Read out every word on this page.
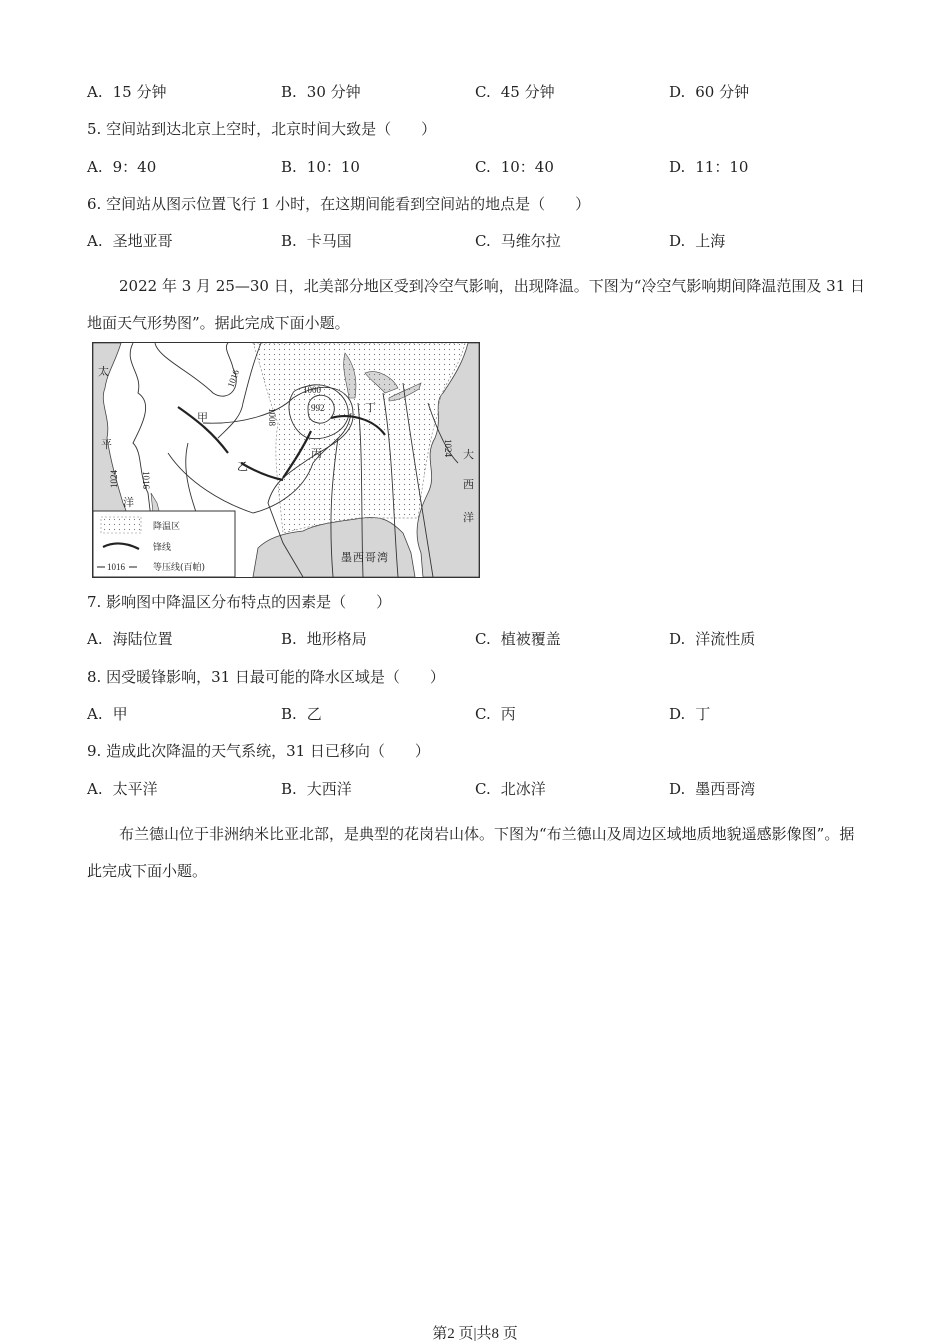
A. 15 分钟	B. 30 分钟	C. 45 分钟	D. 60 分钟
5. 空间站到达北京上空时，北京时间大致是（　　）
A. 9：40	B. 10：10	C. 10：40	D. 11：10
6. 空间站从图示位置飞行 1 小时，在这期间能看到空间站的地点是（　　）
A. 圣地亚哥	B. 卡马国	C. 马维尔拉	D. 上海
2022 年 3 月 25—30 日，北美部分地区受到冷空气影响，出现降温。下图为“冷空气影响期间降温范围及 31 日地面天气形势图”。据此完成下面小题。
太
平
洋
大
西
洋
墨西哥湾
甲
乙
丙
丁
1016
1008
1000
992
1016
1024
1024
降温区
锋线
1016	等压线(百帕)
7. 影响图中降温区分布特点的因素是（　　）
A. 海陆位置	B. 地形格局	C. 植被覆盖	D. 洋流性质
8. 因受暖锋影响，31 日最可能的降水区域是（　　）
A. 甲	B. 乙	C. 丙	D. 丁
9. 造成此次降温的天气系统，31 日已移向（　　）
A. 太平洋	B. 大西洋	C. 北冰洋	D. 墨西哥湾
布兰德山位于非洲纳米比亚北部，是典型的花岗岩山体。下图为“布兰德山及周边区域地质地貌遥感影像图”。据此完成下面小题。
第2 页|共8 页
